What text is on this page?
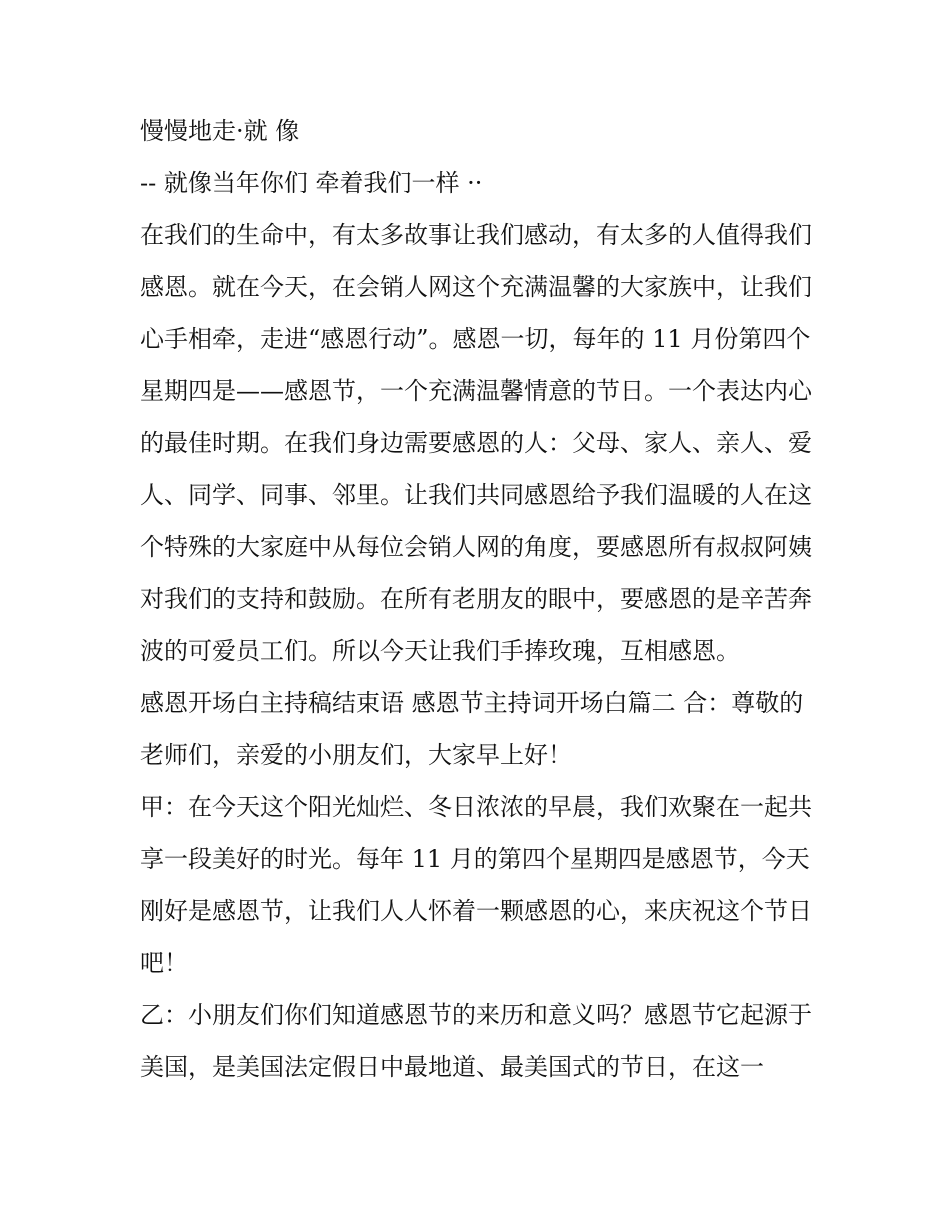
慢慢地走·就 像

-- 就像当年你们 牵着我们一样 ··

在我们的生命中，有太多故事让我们感动，有太多的人值得我们感恩。就在今天，在会销人网这个充满温馨的大家族中，让我们心手相牵，走进“感恩行动”。感恩一切，每年的 11 月份第四个星期四是——感恩节，一个充满温馨情意的节日。一个表达内心的最佳时期。在我们身边需要感恩的人：父母、家人、亲人、爱人、同学、同事、邻里。让我们共同感恩给予我们温暖的人在这个特殊的大家庭中从每位会销人网的角度，要感恩所有叔叔阿姨对我们的支持和鼓励。在所有老朋友的眼中，要感恩的是辛苦奔波的可爱员工们。所以今天让我们手捧玫瑰，互相感恩。

感恩开场白主持稿结束语 感恩节主持词开场白篇二 合：尊敬的老师们，亲爱的小朋友们，大家早上好！

甲：在今天这个阳光灿烂、冬日浓浓的早晨，我们欢聚在一起共享一段美好的时光。每年 11 月的第四个星期四是感恩节，今天刚好是感恩节，让我们人人怀着一颗感恩的心，来庆祝这个节日吧！

乙：小朋友们你们知道感恩节的来历和意义吗？感恩节它起源于美国，是美国法定假日中最地道、最美国式的节日，在这一
